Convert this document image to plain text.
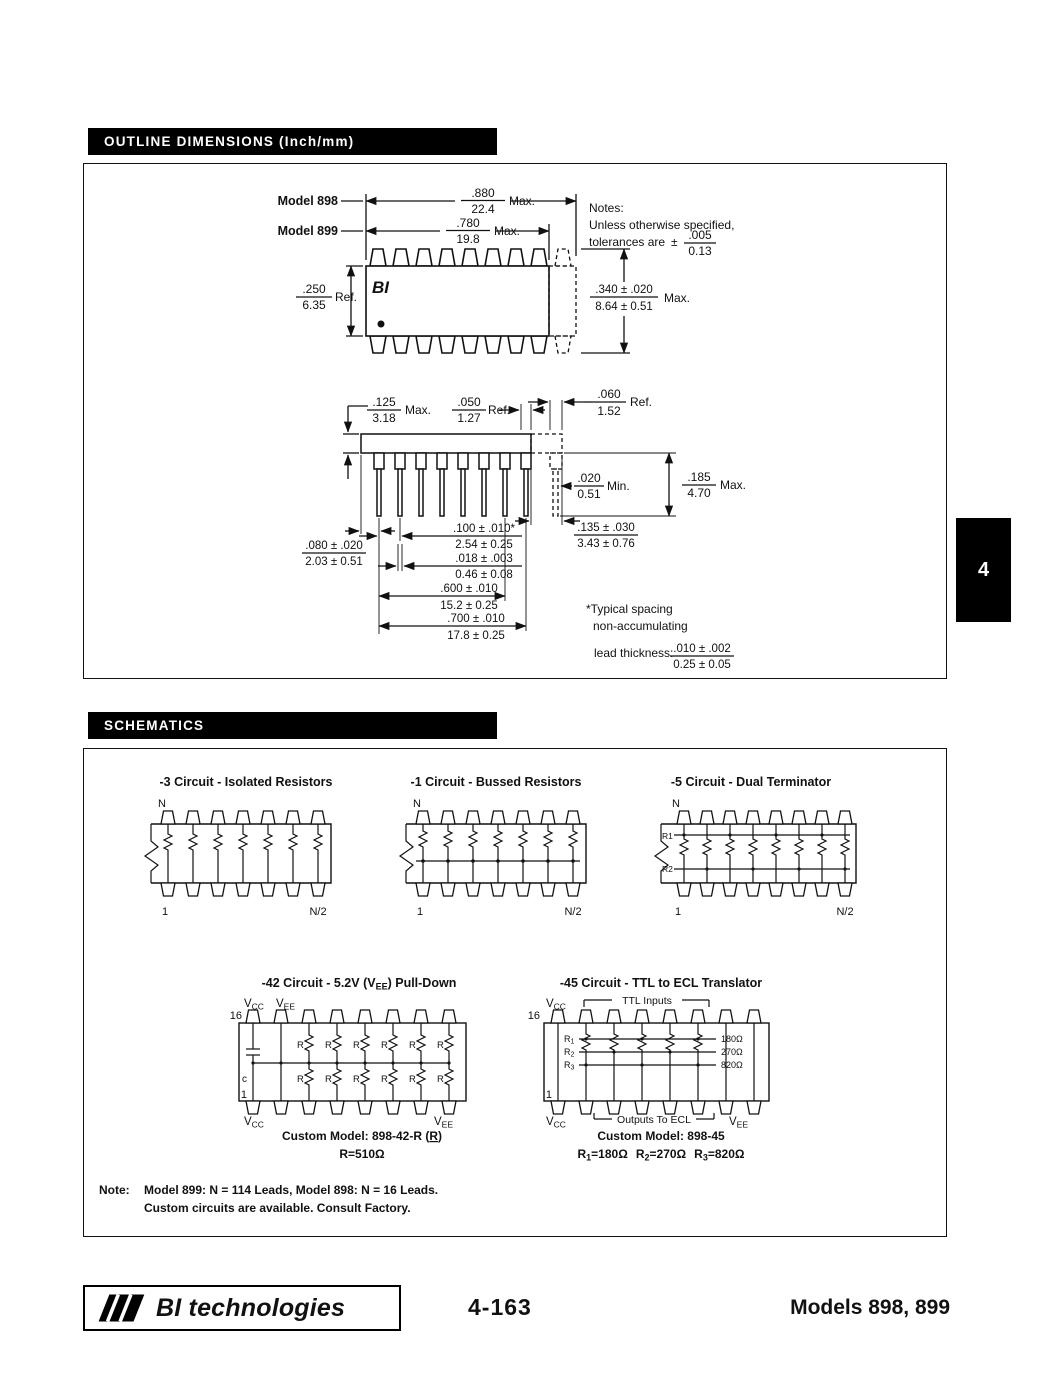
OUTLINE DIMENSIONS (Inch/mm)
Model 898
Model 899
.880
22.4
Max.
.780
19.8
Max.
.250
6.35
Ref.	.340 ± .020
8.64 ± 0.51
Max.
Notes:
Unless otherwise specified,
tolerances are ± .005
0.13
BI
.125
3.18
Max.
.050
1.27
Ref.
.060
1.52
Ref.
.020
0.51
Min.
.185
4.70
Max.
.100 ± .010*
2.54 ± 0.25
.018 ± .003
0.46 ± 0.08
.600 ± .010
15.2 ± 0.25
.700 ± .010
17.8 ± 0.25
.080 ± .020
2.03 ± 0.51
.135 ± .030
3.43 ± 0.76
*Typical spacing
non-accumulating
lead thickness: .010 ± .002
0.25 ± 0.05
SCHEMATICS
-3 Circuit - Isolated Resistors
N
1	N/2
-1 Circuit - Bussed Resistors
N
1	N/2
-5 Circuit - Dual Terminator
N
R1
R2
1	N/2
-42 Circuit - 5.2V $(V_{EE})$ Pull-Down
$V_{CC}$ $V_{EE}$
16
1
c
R R R R R R
R R R R R R
$V_{CC}$	$V_{EE}$
Custom Model: 898-42-R (R)
R=510Ω
-45 Circuit - TTL to ECL Translator
$V_{CC}$	TTL Inputs
16
1
R1
R2
R3
180Ω
270Ω
820Ω
$V_{CC}$	Outputs To ECL	$V_{EE}$
Custom Model: 898-45
$R_1=180\Omega$ $R_2=270\Omega$ $R_3=820\Omega$
Note: Model 899: N = 114 Leads, Model 898: N = 16 Leads.
Custom circuits are available. Consult Factory.
BI technologies	4-163	Models 898, 899
4
